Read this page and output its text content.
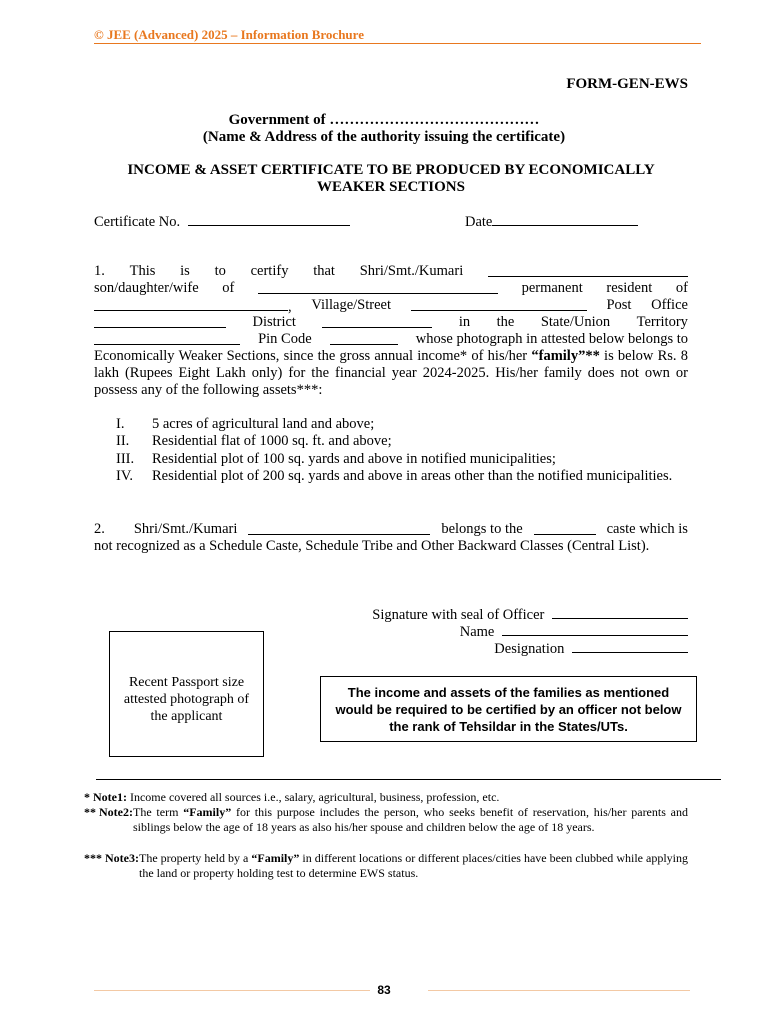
© JEE (Advanced) 2025 – Information Brochure
FORM-GEN-EWS
Government of ……………………………………
(Name & Address of the authority issuing the certificate)
INCOME & ASSET CERTIFICATE TO BE PRODUCED BY ECONOMICALLY WEAKER SECTIONS
Certificate No.	Date
1. This is to certify that Shri/Smt./Kumari
son/daughter/wife of	permanent resident of
, Village/Street	Post Office
District	in the State/Union Territory
Pin Code	whose photograph in attested below belongs to
Economically Weaker Sections, since the gross annual income* of his/her “family”** is below Rs. 8 lakh (Rupees Eight Lakh only) for the financial year 2024-2025. His/her family does not own or possess any of the following assets***:
I. 5 acres of agricultural land and above;
II. Residential flat of 1000 sq. ft. and above;
III. Residential plot of 100 sq. yards and above in notified municipalities;
IV. Residential plot of 200 sq. yards and above in areas other than the notified municipalities.
2. Shri/Smt./Kumari	belongs to the	caste which is
not recognized as a Schedule Caste, Schedule Tribe and Other Backward Classes (Central List).
Signature with seal of Officer
Name
Designation
Recent Passport size attested photograph of the applicant
The income and assets of the families as mentioned would be required to be certified by an officer not below the rank of Tehsildar in the States/UTs.
* Note1: Income covered all sources i.e., salary, agricultural, business, profession, etc.
** Note2: The term “Family” for this purpose includes the person, who seeks benefit of reservation, his/her parents and siblings below the age of 18 years as also his/her spouse and children below the age of 18 years.
*** Note3: The property held by a “Family” in different locations or different places/cities have been clubbed while applying the land or property holding test to determine EWS status.
83
